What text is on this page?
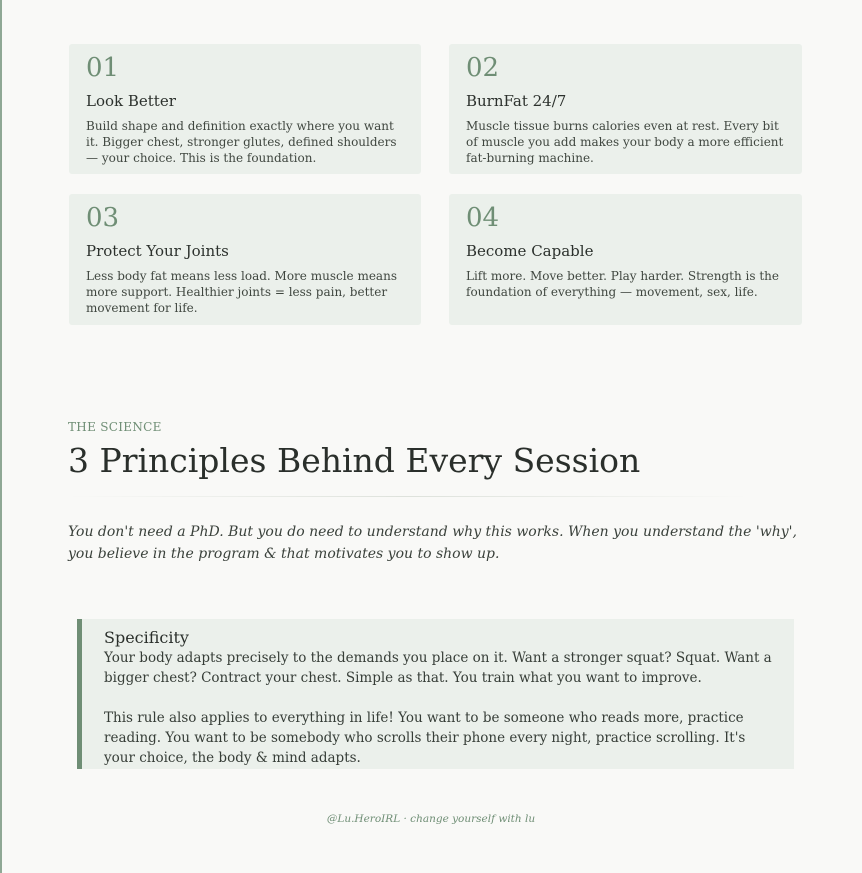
01
Look Better
Build shape and definition exactly where you want it. Bigger chest, stronger glutes, defined shoulders — your choice. This is the foundation.
02
BurnFat 24/7
Muscle tissue burns calories even at rest. Every bit of muscle you add makes your body a more efficient fat-burning machine.
03
Protect Your Joints
Less body fat means less load. More muscle means more support. Healthier joints = less pain, better movement for life.
04
Become Capable
Lift more. Move better. Play harder. Strength is the foundation of everything — movement, sex, life.
THE SCIENCE
3 Principles Behind Every Session
You don't need a PhD. But you do need to understand why this works. When you understand the 'why', you believe in the program & that motivates you to show up.
Specificity

Your body adapts precisely to the demands you place on it. Want a stronger squat? Squat. Want a bigger chest? Contract your chest. Simple as that. You train what you want to improve.

This rule also applies to everything in life! You want to be someone who reads more, practice reading. You want to be somebody who scrolls their phone every night, practice scrolling. It's your choice, the body & mind adapts.

@Lu.HeroIRL · change yourself with lu
